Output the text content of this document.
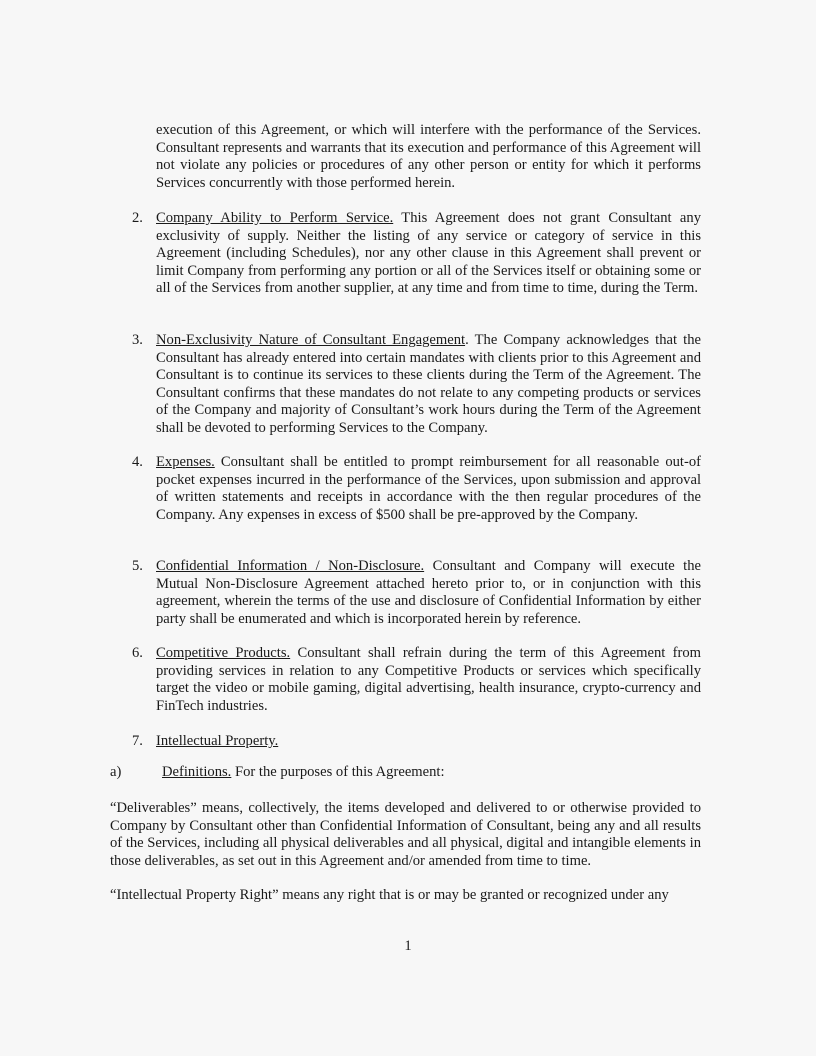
execution of this Agreement, or which will interfere with the performance of the Services. Consultant represents and warrants that its execution and performance of this Agreement will not violate any policies or procedures of any other person or entity for which it performs Services concurrently with those performed herein.
2. Company Ability to Perform Service. This Agreement does not grant Consultant any exclusivity of supply. Neither the listing of any service or category of service in this Agreement (including Schedules), nor any other clause in this Agreement shall prevent or limit Company from performing any portion or all of the Services itself or obtaining some or all of the Services from another supplier, at any time and from time to time, during the Term.
3. Non-Exclusivity Nature of Consultant Engagement. The Company acknowledges that the Consultant has already entered into certain mandates with clients prior to this Agreement and Consultant is to continue its services to these clients during the Term of the Agreement. The Consultant confirms that these mandates do not relate to any competing products or services of the Company and majority of Consultant’s work hours during the Term of the Agreement shall be devoted to performing Services to the Company.
4. Expenses. Consultant shall be entitled to prompt reimbursement for all reasonable out-of pocket expenses incurred in the performance of the Services, upon submission and approval of written statements and receipts in accordance with the then regular procedures of the Company. Any expenses in excess of $500 shall be pre-approved by the Company.
5. Confidential Information / Non-Disclosure. Consultant and Company will execute the Mutual Non-Disclosure Agreement attached hereto prior to, or in conjunction with this agreement, wherein the terms of the use and disclosure of Confidential Information by either party shall be enumerated and which is incorporated herein by reference.
6. Competitive Products. Consultant shall refrain during the term of this Agreement from providing services in relation to any Competitive Products or services which specifically target the video or mobile gaming, digital advertising, health insurance, crypto-currency and FinTech industries.
7. Intellectual Property.
a)	Definitions. For the purposes of this Agreement:
“Deliverables” means, collectively, the items developed and delivered to or otherwise provided to Company by Consultant other than Confidential Information of Consultant, being any and all results of the Services, including all physical deliverables and all physical, digital and intangible elements in those deliverables, as set out in this Agreement and/or amended from time to time.
“Intellectual Property Right” means any right that is or may be granted or recognized under any
1
